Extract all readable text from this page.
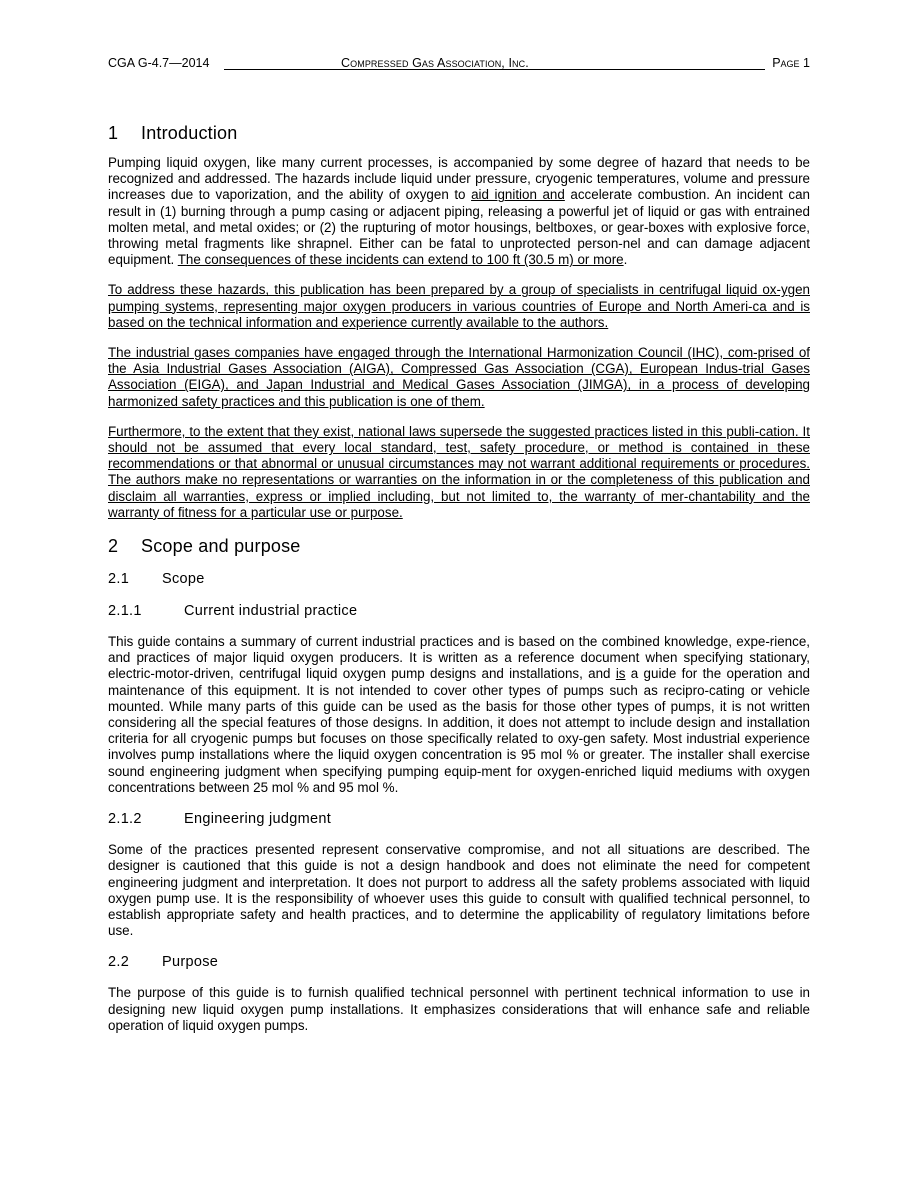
CGA G-4.7—2014	Compressed Gas Association, Inc.	Page 1
1 Introduction

Pumping liquid oxygen, like many current processes, is accompanied by some degree of hazard that needs to be recognized and addressed. The hazards include liquid under pressure, cryogenic temperatures, volume and pressure increases due to vaporization, and the ability of oxygen to aid ignition and accelerate combustion. An incident can result in (1) burning through a pump casing or adjacent piping, releasing a powerful jet of liquid or gas with entrained molten metal, and metal oxides; or (2) the rupturing of motor housings, beltboxes, or gear-boxes with explosive force, throwing metal fragments like shrapnel. Either can be fatal to unprotected person-nel and can damage adjacent equipment. The consequences of these incidents can extend to 100 ft (30.5 m) or more.

To address these hazards, this publication has been prepared by a group of specialists in centrifugal liquid ox-ygen pumping systems, representing major oxygen producers in various countries of Europe and North Ameri-ca and is based on the technical information and experience currently available to the authors.

The industrial gases companies have engaged through the International Harmonization Council (IHC), com-prised of the Asia Industrial Gases Association (AIGA), Compressed Gas Association (CGA), European Indus-trial Gases Association (EIGA), and Japan Industrial and Medical Gases Association (JIMGA), in a process of developing harmonized safety practices and this publication is one of them.

Furthermore, to the extent that they exist, national laws supersede the suggested practices listed in this publi-cation. It should not be assumed that every local standard, test, safety procedure, or method is contained in these recommendations or that abnormal or unusual circumstances may not warrant additional requirements or procedures. The authors make no representations or warranties on the information in or the completeness of this publication and disclaim all warranties, express or implied including, but not limited to, the warranty of mer-chantability and the warranty of fitness for a particular use or purpose.

2 Scope and purpose
2.1 Scope
2.1.1	Current industrial practice

This guide contains a summary of current industrial practices and is based on the combined knowledge, expe-rience, and practices of major liquid oxygen producers. It is written as a reference document when specifying stationary, electric-motor-driven, centrifugal liquid oxygen pump designs and installations, and is a guide for the operation and maintenance of this equipment. It is not intended to cover other types of pumps such as recipro-cating or vehicle mounted. While many parts of this guide can be used as the basis for those other types of pumps, it is not written considering all the special features of those designs. In addition, it does not attempt to include design and installation criteria for all cryogenic pumps but focuses on those specifically related to oxy-gen safety. Most industrial experience involves pump installations where the liquid oxygen concentration is 95 mol % or greater. The installer shall exercise sound engineering judgment when specifying pumping equip-ment for oxygen-enriched liquid mediums with oxygen concentrations between 25 mol % and 95 mol %.

2.1.2	Engineering judgment

Some of the practices presented represent conservative compromise, and not all situations are described. The designer is cautioned that this guide is not a design handbook and does not eliminate the need for competent engineering judgment and interpretation. It does not purport to address all the safety problems associated with liquid oxygen pump use. It is the responsibility of whoever uses this guide to consult with qualified technical personnel, to establish appropriate safety and health practices, and to determine the applicability of regulatory limitations before use.

2.2 Purpose

The purpose of this guide is to furnish qualified technical personnel with pertinent technical information to use in designing new liquid oxygen pump installations. It emphasizes considerations that will enhance safe and reliable operation of liquid oxygen pumps.
